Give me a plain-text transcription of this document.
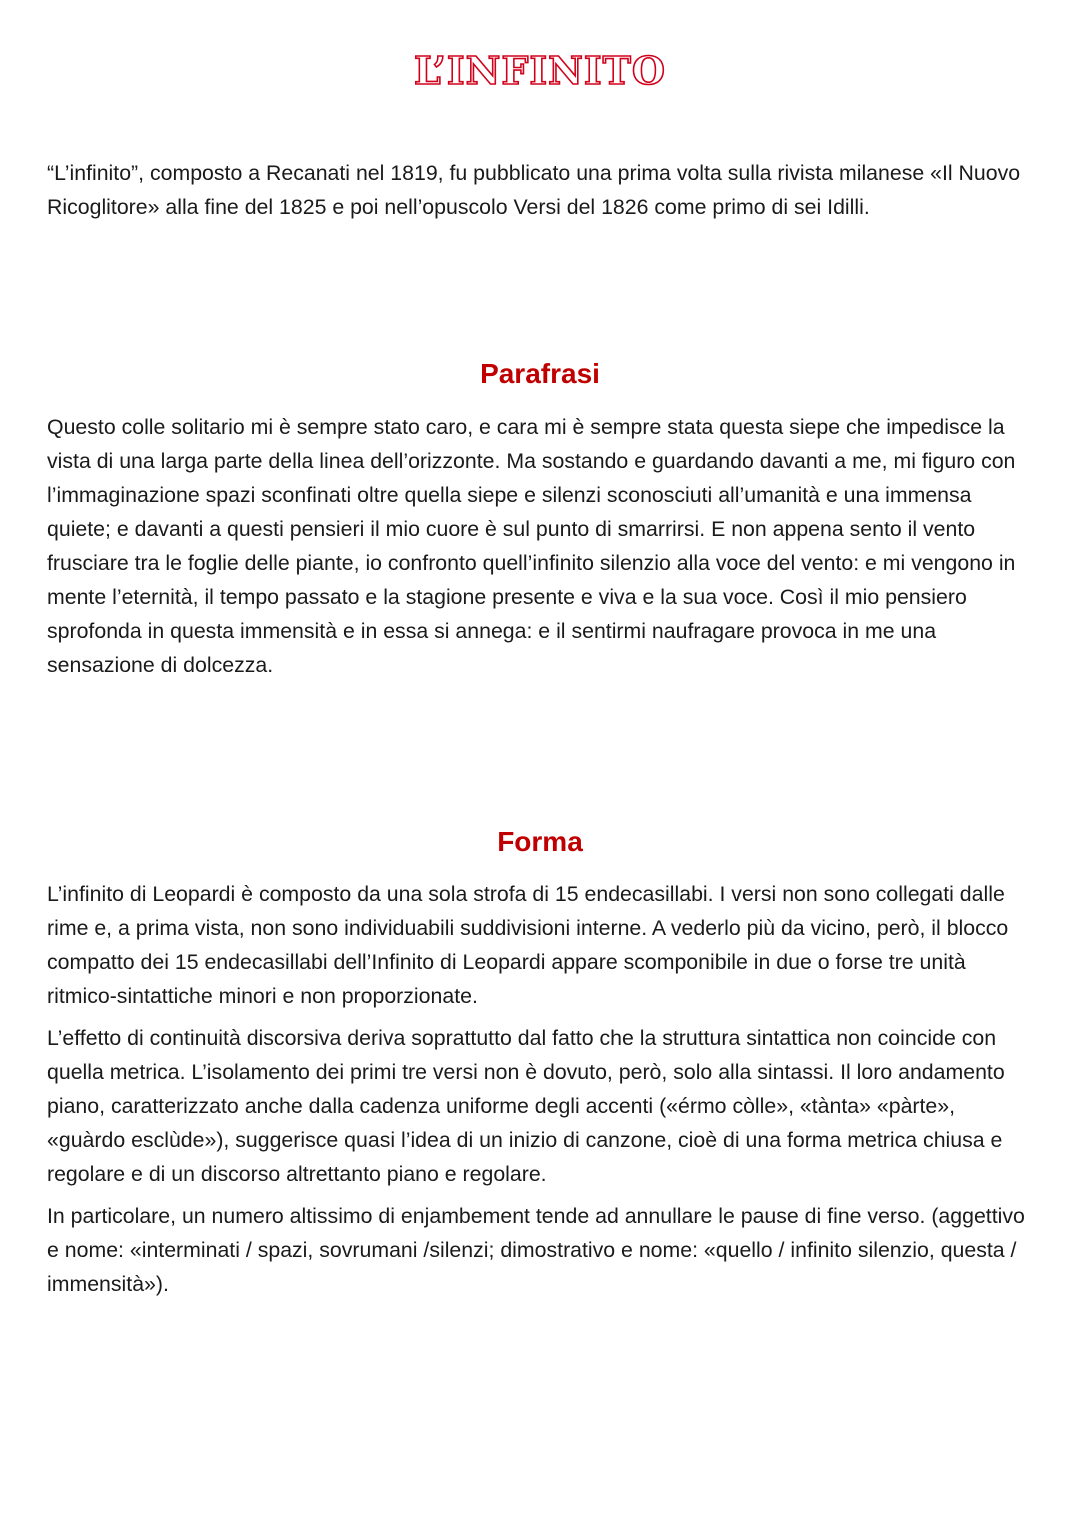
L’INFINITO

“L’infinito”, composto a Recanati nel 1819, fu pubblicato una prima volta sulla rivista milanese «Il Nuovo Ricoglitore» alla fine del 1825 e poi nell’opuscolo Versi del 1826 come primo di sei Idilli.

Parafrasi

Questo colle solitario mi è sempre stato caro, e cara mi è sempre stata questa siepe che impedisce la vista di una larga parte della linea dell’orizzonte. Ma sostando e guardando davanti a me, mi figuro con l’immaginazione spazi sconfinati oltre quella siepe e silenzi sconosciuti all’umanità e una immensa quiete; e davanti a questi pensieri il mio cuore è sul punto di smarrirsi. E non appena sento il vento frusciare tra le foglie delle piante, io confronto quell’infinito silenzio alla voce del vento: e mi vengono in mente l’eternità, il tempo passato e la stagione presente e viva e la sua voce. Così il mio pensiero sprofonda in questa immensità e in essa si annega: e il sentirmi naufragare provoca in me una sensazione di dolcezza.

Forma

L’infinito di Leopardi è composto da una sola strofa di 15 endecasillabi. I versi non sono collegati dalle rime e, a prima vista, non sono individuabili suddivisioni interne. A vederlo più da vicino, però, il blocco compatto dei 15 endecasillabi dell’Infinito di Leopardi appare scomponibile in due o forse tre unità ritmico-sintattiche minori e non proporzionate.

L’effetto di continuità discorsiva deriva soprattutto dal fatto che la struttura sintattica non coincide con quella metrica. L’isolamento dei primi tre versi non è dovuto, però, solo alla sintassi. Il loro andamento piano, caratterizzato anche dalla cadenza uniforme degli accenti («érmo còlle», «tànta» «pàrte», «guàrdo esclùde»), suggerisce quasi l’idea di un inizio di canzone, cioè di una forma metrica chiusa e regolare e di un discorso altrettanto piano e regolare.

In particolare, un numero altissimo di enjambement tende ad annullare le pause di fine verso. (aggettivo e nome: «interminati / spazi, sovrumani /silenzi; dimostrativo e nome: «quello / infinito silenzio, questa / immensità»).
